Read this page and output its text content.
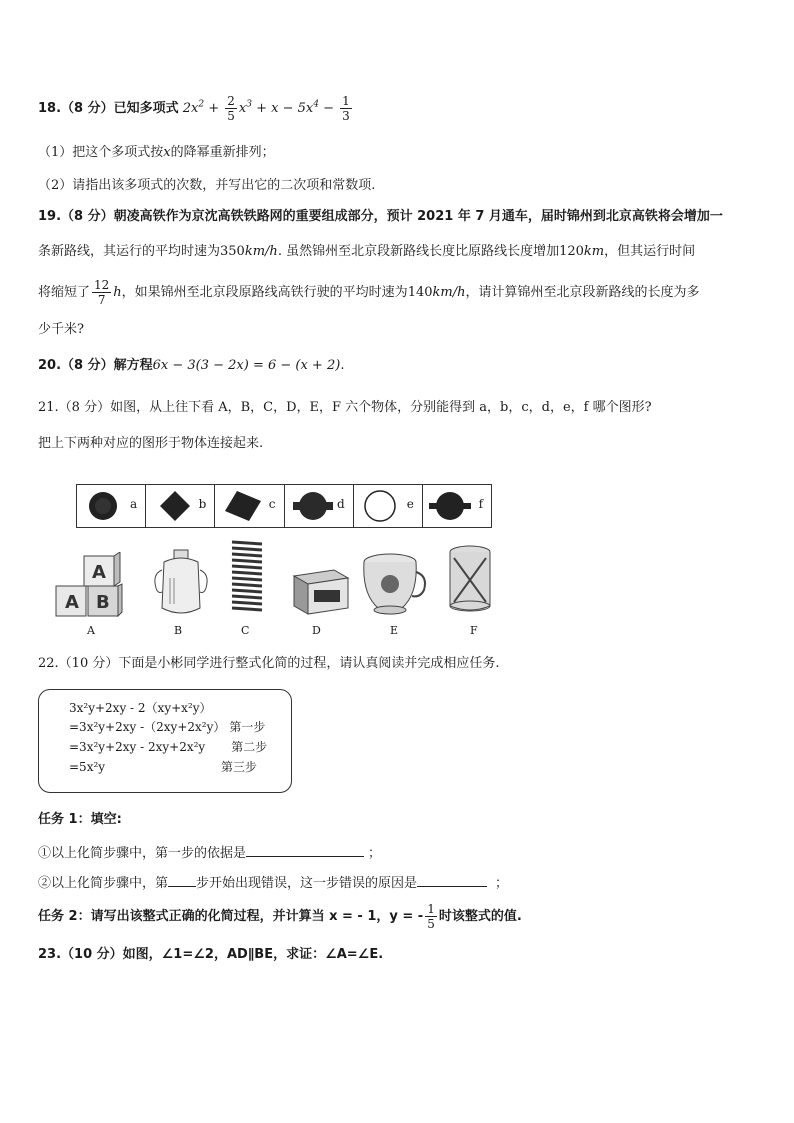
18.（8 分）已知多项式 $2x^2 + \frac{2}{5} x^3 + x - 5x^4 - \frac{1}{3}$
（1）把这个多项式按x的降幂重新排列；
（2）请指出该多项式的次数，并写出它的二次项和常数项.
19.（8 分）朝凌高铁作为京沈高铁铁路网的重要组成部分，预计 2021 年 7 月通车，届时锦州到北京高铁将会增加一
条新路线，其运行的平均时速为350km/h. 虽然锦州至北京段新路线长度比原路线长度增加120km，但其运行时间
将缩短了 $\frac{12}{7}$ h，如果锦州至北京段原路线高铁行驶的平均时速为140km/h，请计算锦州至北京段新路线的长度为多
少千米?
20.（8 分）解方程6x − 3(3 − 2x) = 6 − (x + 2).
21.（8 分）如图，从上往下看 A，B，C，D，E，F 六个物体，分别能得到 a，b，c，d，e，f 哪个图形?
把上下两种对应的图形于物体连接起来.
a	b	c	d	e	f
A B
A
A	B	C	D	E	F
22.（10 分）下面是小彬同学进行整式化简的过程，请认真阅读并完成相应任务.
3x²y+2xy - 2（xy+x²y）
=3x²y+2xy -（2xy+2x²y） 第一步
=3x²y+2xy - 2xy+2x²y 第二步
=5x²y	第三步
任务 1：填空:
①以上化简步骤中，第一步的依据是	；
②以上化简步骤中，第 步开始出现错误，这一步错误的原因是	；
任务 2：请写出该整式正确的化简过程，并计算当 x = - 1，y = - $\frac{1}{5}$ 时该整式的值.
23.（10 分）如图，∠1=∠2，AD∥BE，求证：∠A=∠E.
